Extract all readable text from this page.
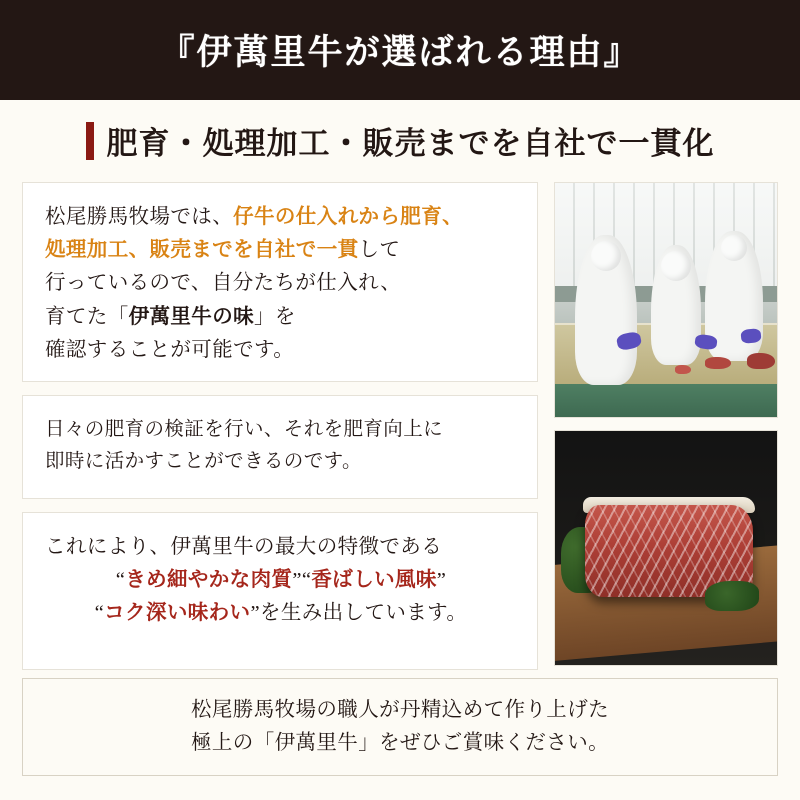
『伊萬里牛が選ばれる理由』
肥育・処理加工・販売までを自社で一貫化

松尾勝馬牧場では、仔牛の仕入れから肥育、

処理加工、販売までを自社で一貫して

行っているので、自分たちが仕入れ、

育てた「伊萬里牛の味」を

確認することが可能です。

日々の肥育の検証を行い、それを肥育向上に

即時に活かすことができるのです。

これにより、伊萬里牛の最大の特徴である

“きめ細やかな肉質”“香ばしい風味”

“コク深い味わい”を生み出しています。

松尾勝馬牧場の職人が丹精込めて作り上げた

極上の「伊萬里牛」をぜひご賞味ください。
